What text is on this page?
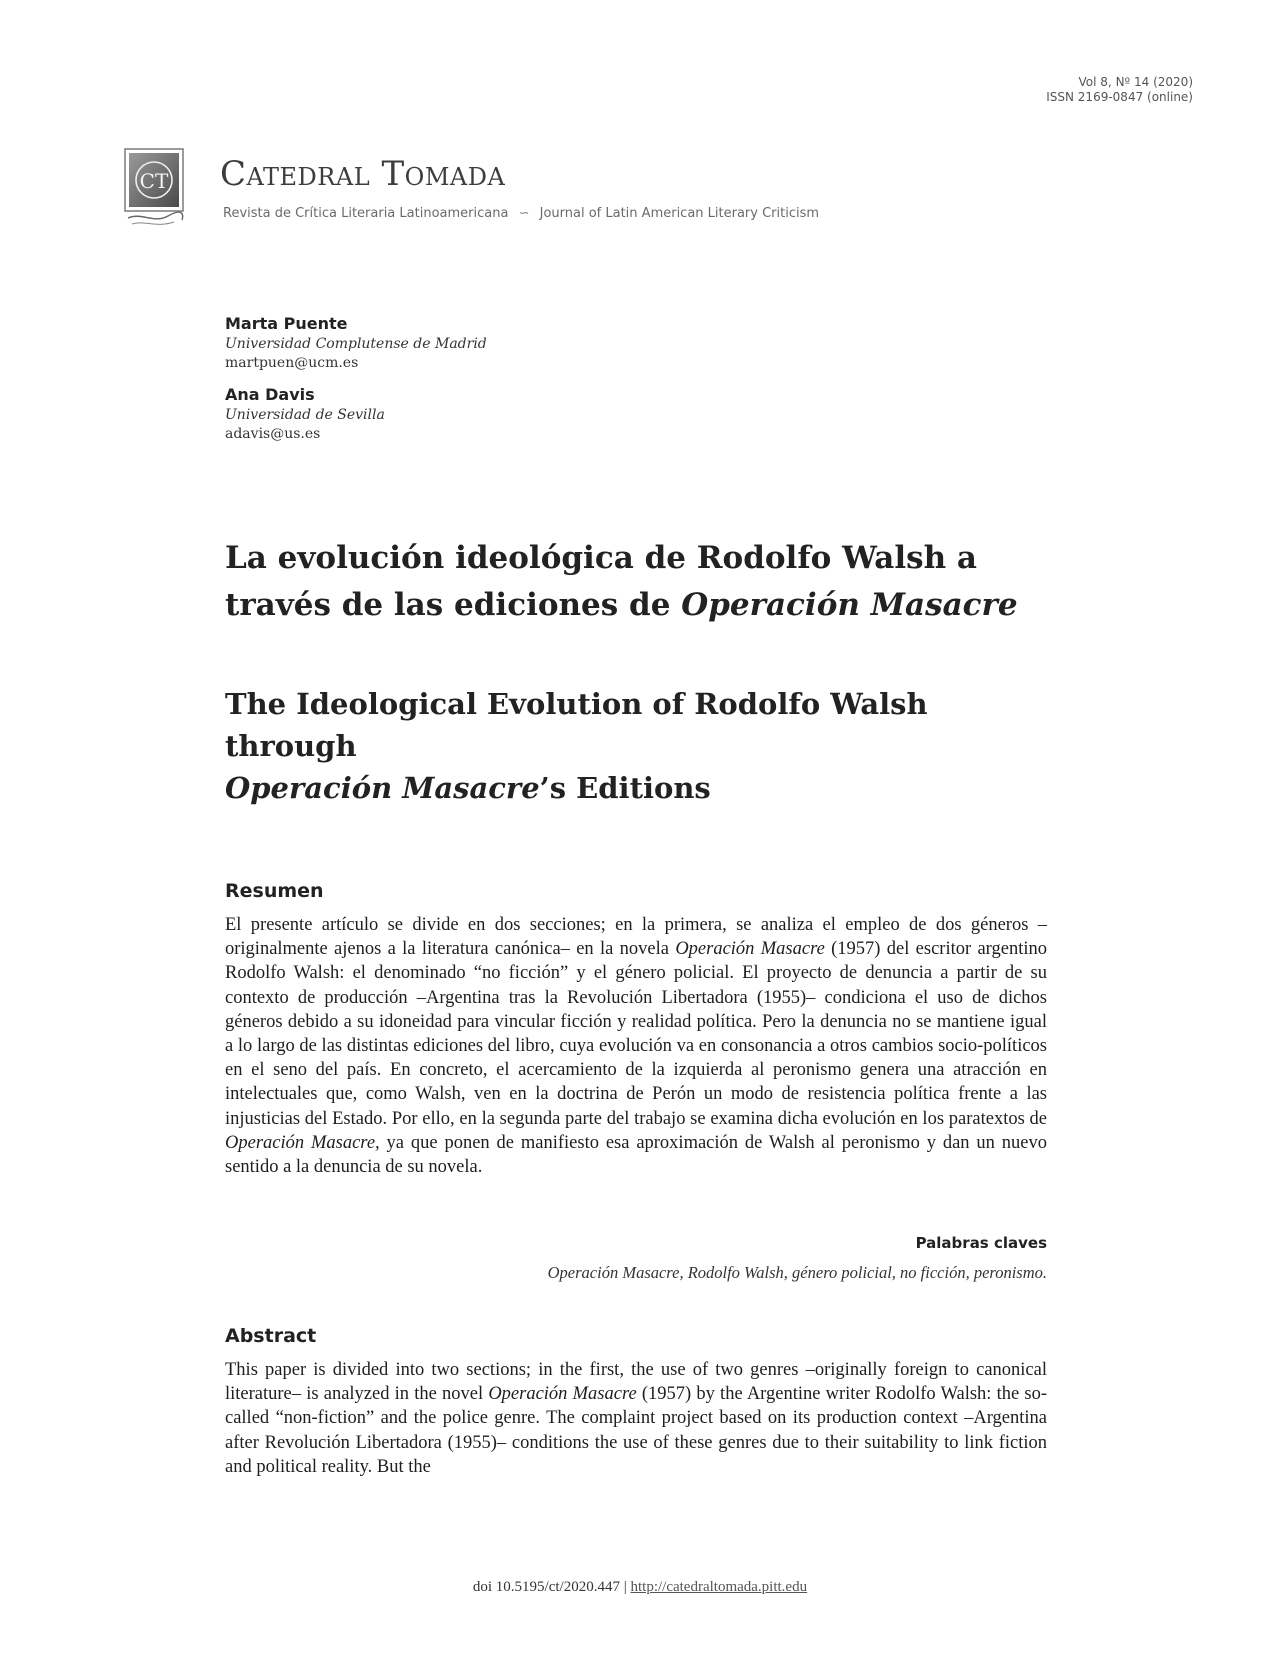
Vol 8, Nº 14 (2020)
ISSN 2169-0847 (online)
CT Catedral Tomada
Revista de Crítica Literaria Latinoamericana ∽ Journal of Latin American Literary Criticism
Marta Puente
Universidad Complutense de Madrid
martpuen@ucm.es
Ana Davis
Universidad de Sevilla
adavis@us.es
La evolución ideológica de Rodolfo Walsh a través de las ediciones de Operación Masacre
The Ideological Evolution of Rodolfo Walsh through
Operación Masacre’s Editions
Resumen
El presente artículo se divide en dos secciones; en la primera, se analiza el empleo de dos géneros –originalmente ajenos a la literatura canónica– en la novela Operación Masacre (1957) del escritor argentino Rodolfo Walsh: el denominado “no ficción” y el género policial. El proyecto de denuncia a partir de su contexto de producción –Argentina tras la Revolución Libertadora (1955)– condiciona el uso de dichos géneros debido a su idoneidad para vincular ficción y realidad política. Pero la denuncia no se mantiene igual a lo largo de las distintas ediciones del libro, cuya evolución va en consonancia a otros cambios socio-políticos en el seno del país. En concreto, el acercamiento de la izquierda al peronismo genera una atracción en intelectuales que, como Walsh, ven en la doctrina de Perón un modo de resistencia política frente a las injusticias del Estado. Por ello, en la segunda parte del trabajo se examina dicha evolución en los paratextos de Operación Masacre, ya que ponen de manifiesto esa aproximación de Walsh al peronismo y dan un nuevo sentido a la denuncia de su novela.
Palabras claves
Operación Masacre, Rodolfo Walsh, género policial, no ficción, peronismo.
Abstract
This paper is divided into two sections; in the first, the use of two genres –originally foreign to canonical literature– is analyzed in the novel Operación Masacre (1957) by the Argentine writer Rodolfo Walsh: the so-called “non-fiction” and the police genre. The complaint project based on its production context –Argentina after Revolución Libertadora (1955)– conditions the use of these genres due to their suitability to link fiction and political reality. But the
doi 10.5195/ct/2020.447 | http://catedraltomada.pitt.edu
